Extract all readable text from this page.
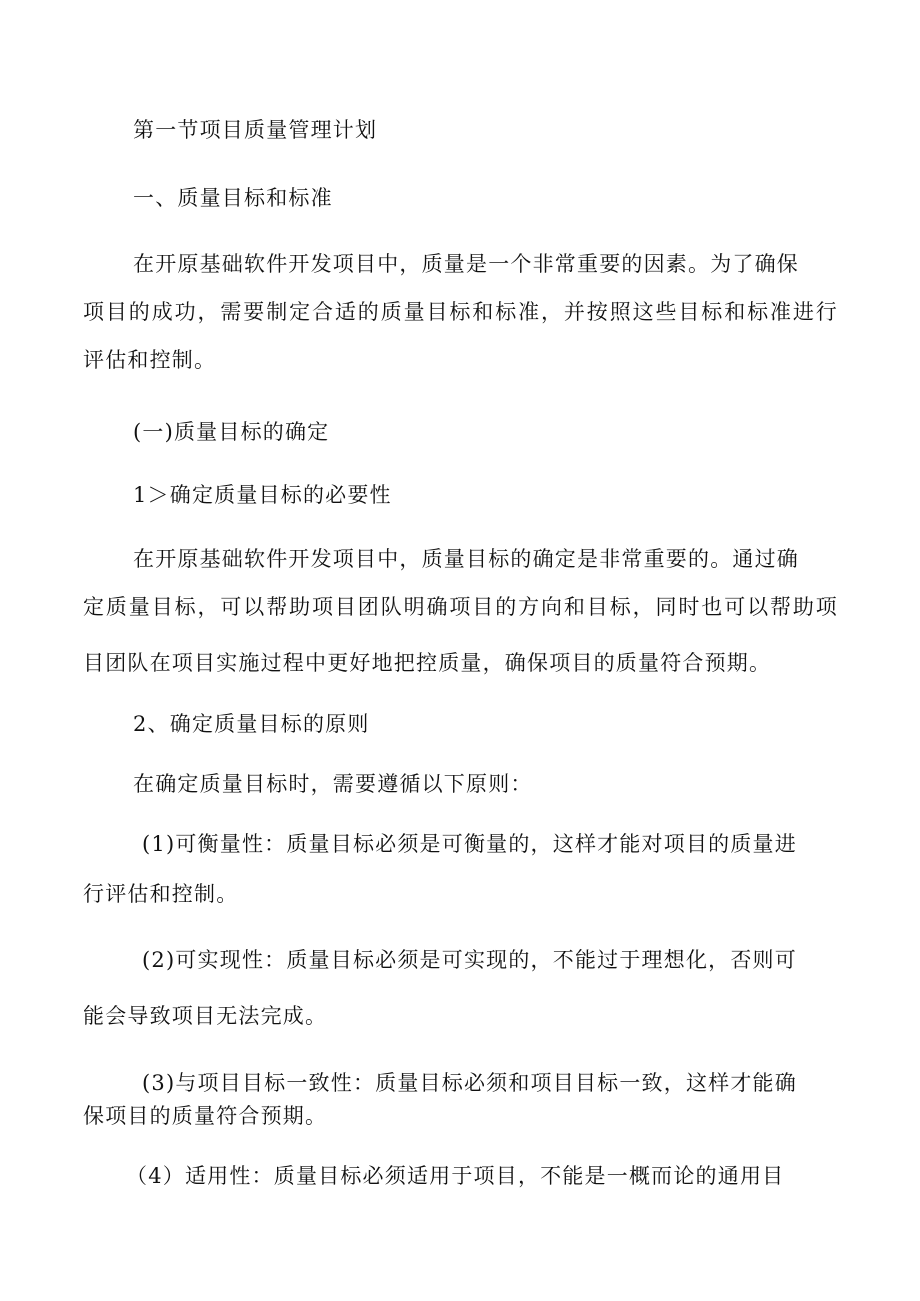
第一节项目质量管理计划
一、质量目标和标准
在开原基础软件开发项目中，质量是一个非常重要的因素。为了确保
项目的成功，需要制定合适的质量目标和标准，并按照这些目标和标准进行
评估和控制。
(一)质量目标的确定
1＞确定质量目标的必要性
在开原基础软件开发项目中，质量目标的确定是非常重要的。通过确
定质量目标，可以帮助项目团队明确项目的方向和目标，同时也可以帮助项
目团队在项目实施过程中更好地把控质量，确保项目的质量符合预期。
2、确定质量目标的原则
在确定质量目标时，需要遵循以下原则：
(1)可衡量性：质量目标必须是可衡量的，这样才能对项目的质量进
行评估和控制。
(2)可实现性：质量目标必须是可实现的，不能过于理想化，否则可
能会导致项目无法完成。
(3)与项目目标一致性：质量目标必须和项目目标一致，这样才能确
保项目的质量符合预期。
（4）适用性：质量目标必须适用于项目，不能是一概而论的通用目
